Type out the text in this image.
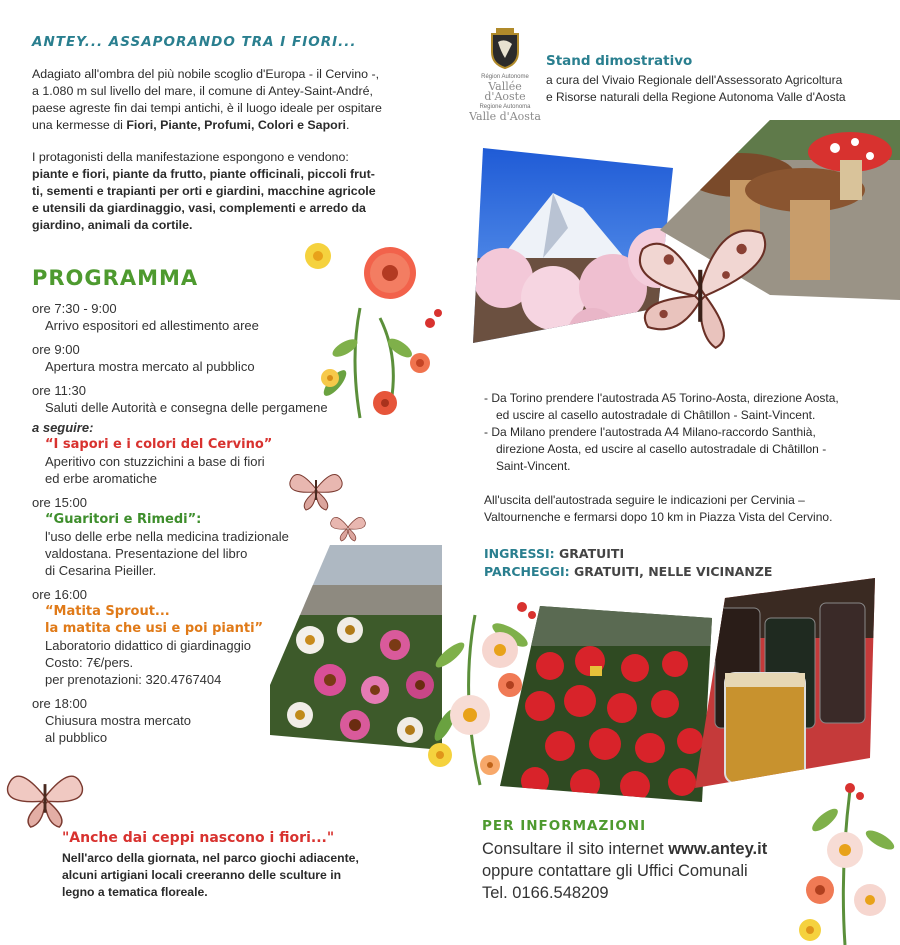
ANTEY... ASSAPORANDO TRA I FIORI...
Adagiato all'ombra del più nobile scoglio d'Europa - il Cervino -,
a 1.080 m sul livello del mare, il comune di Antey-Saint-André,
paese agreste fin dai tempi antichi, è il luogo ideale per ospitare
una kermesse di Fiori, Piante, Profumi, Colori e Sapori.
I protagonisti della manifestazione espongono e vendono:
piante e fiori, piante da frutto, piante officinali, piccoli frut-
ti, sementi e trapianti per orti e giardini, macchine agricole
e utensili da giardinaggio, vasi, complementi e arredo da
giardino, animali da cortile.
PROGRAMMA
ore 7:30 - 9:00
Arrivo espositori ed allestimento aree
ore 9:00
Apertura mostra mercato al pubblico
ore 11:30
Saluti delle Autorità e consegna delle pergamene
a seguire:
“I sapori e i colori del Cervino”
Aperitivo con stuzzichini a base di fiori
ed erbe aromatiche
ore 15:00
“Guaritori e Rimedi”:
l'uso delle erbe nella medicina tradizionale
valdostana. Presentazione del libro
di Cesarina Pieiller.
ore 16:00
“Matita Sprout...
la matita che usi e poi pianti”
Laboratorio didattico di giardinaggio
Costo: 7€/pers.
per prenotazioni: 320.4767404
ore 18:00
Chiusura mostra mercato
al pubblico
"Anche dai ceppi nascono i fiori..."
Nell'arco della giornata, nel parco giochi adiacente,
alcuni artigiani locali creeranno delle sculture in
legno a tematica floreale.
Région Autonome
Vallée d'Aoste
Regione Autonoma
Valle d'Aosta
Stand dimostrativo
a cura del Vivaio Regionale dell'Assessorato Agricoltura
e Risorse naturali della Regione Autonoma Valle d'Aosta
- Da Torino prendere l'autostrada A5 Torino-Aosta, direzione Aosta,
ed uscire al casello autostradale di Châtillon - Saint-Vincent.
- Da Milano prendere l'autostrada A4 Milano-raccordo Santhià,
direzione Aosta, ed uscire al casello autostradale di Châtillon -
Saint-Vincent.
All'uscita dell'autostrada seguire le indicazioni per Cervinia –
Valtournenche e fermarsi dopo 10 km in Piazza Vista del Cervino.
INGRESSI: GRATUITI
PARCHEGGI: GRATUITI, NELLE VICINANZE
PER INFORMAZIONI
Consultare il sito internet www.antey.it
oppure contattare gli Uffici Comunali
Tel. 0166.548209
